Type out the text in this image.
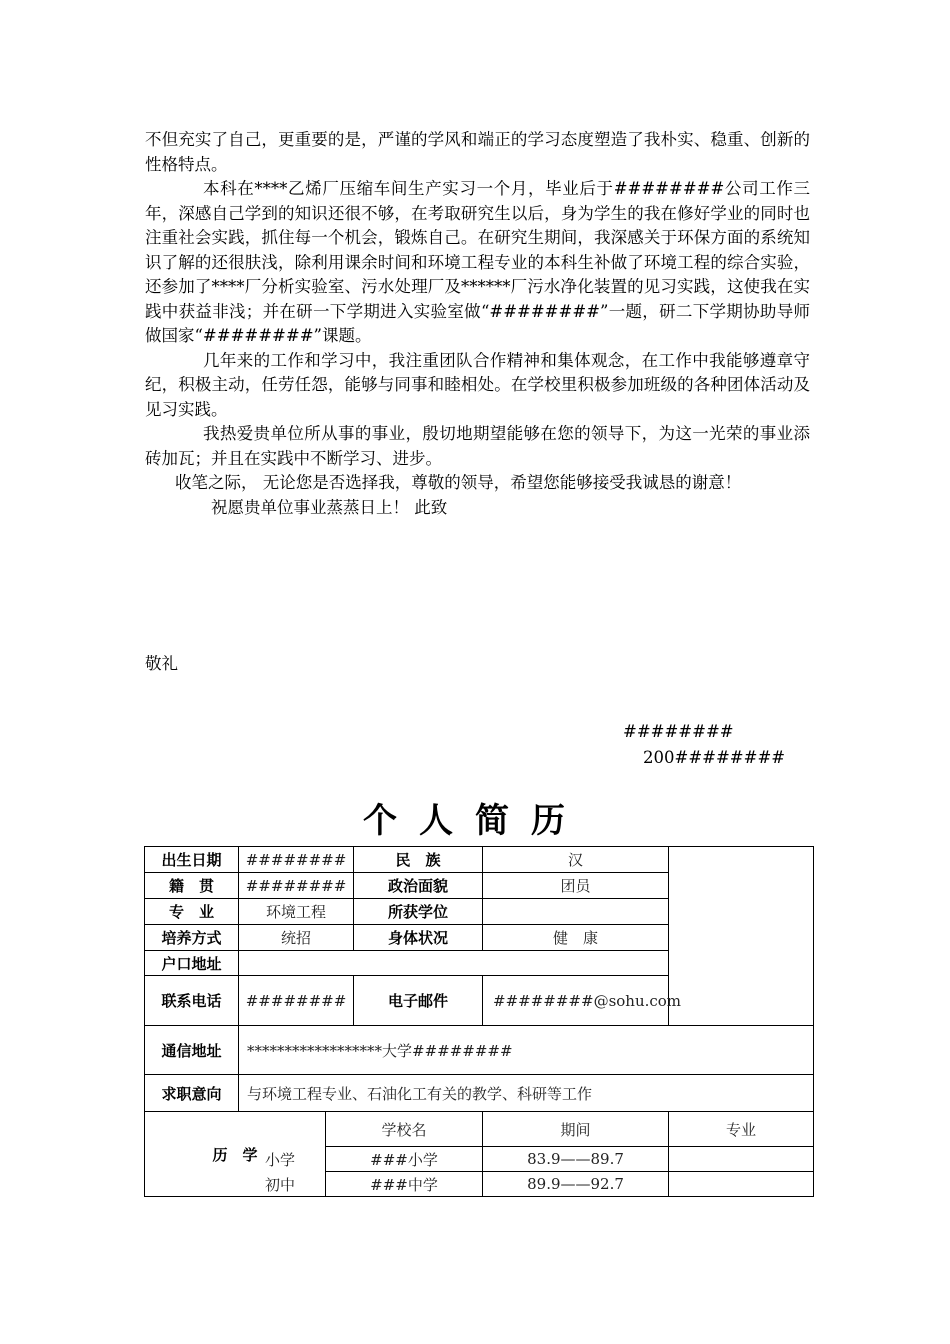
不但充实了自己，更重要的是，严谨的学风和端正的学习态度塑造了我朴实、稳重、创新的性格特点。

本科在****乙烯厂压缩车间生产实习一个月，毕业后于########公司工作三年，深感自己学到的知识还很不够，在考取研究生以后，身为学生的我在修好学业的同时也注重社会实践，抓住每一个机会，锻炼自己。在研究生期间，我深感关于环保方面的系统知识了解的还很肤浅，除利用课余时间和环境工程专业的本科生补做了环境工程的综合实验，还参加了****厂分析实验室、污水处理厂及******厂污水净化装置的见习实践，这使我在实践中获益非浅；并在研一下学期进入实验室做“########”一题，研二下学期协助导师做国家“########”课题。

几年来的工作和学习中，我注重团队合作精神和集体观念，在工作中我能够遵章守纪，积极主动，任劳任怨，能够与同事和睦相处。在学校里积极参加班级的各种团体活动及见习实践。

我热爱贵单位所从事的事业，殷切地期望能够在您的领导下，为这一光荣的事业添砖加瓦；并且在实践中不断学习、进步。

收笔之际， 无论您是否选择我，尊敬的领导，希望您能够接受我诚恳的谢意！

祝愿贵单位事业蒸蒸日上！ 此致

敬礼
########
200########
个人简历
出生日期	########		民　族	汉	
籍　贯	########		政治面貌	团员	
专　业	环境工程		所获学位		
培养方式	统招		身体状况	健　康	
户口地址					
联系电话	########		电子邮件	########@sohu.com	
通信地址	******************大学########				
求职意向	与环境工程专业、石油化工有关的教学、科研等工作				
历　学		学校名		期间	专业

		小学 ###小学		83.9——89.7	

		初中 ###中学		89.9——92.7	
